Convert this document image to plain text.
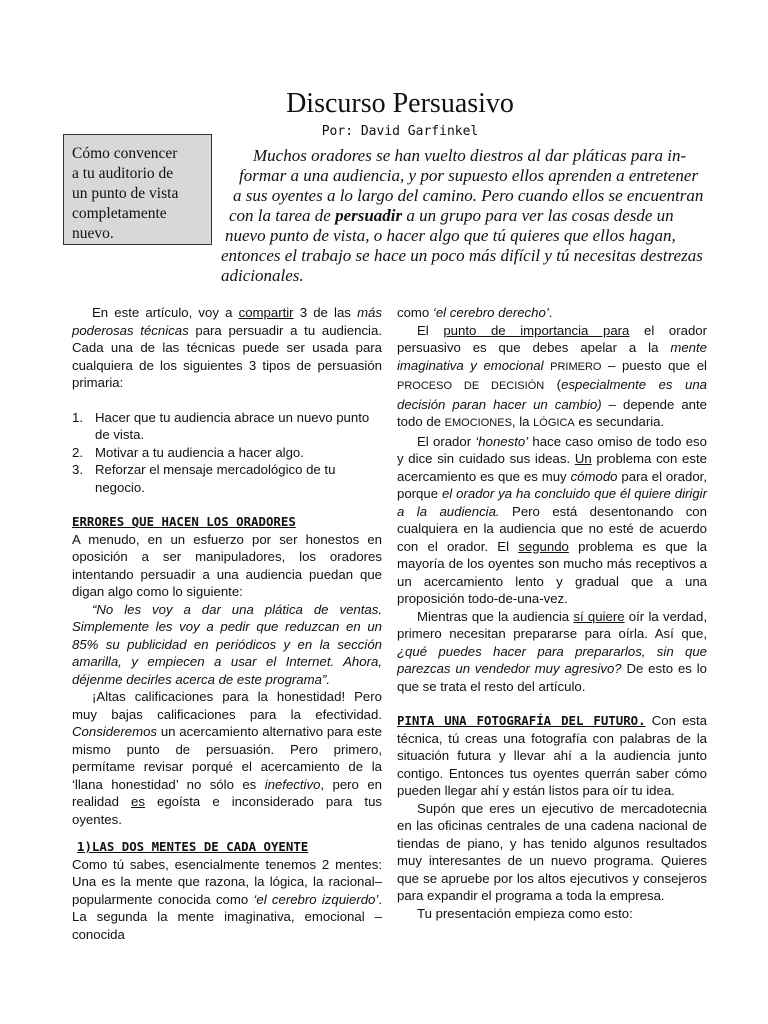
Discurso Persuasivo
Por: David Garfinkel
Cómo convencer
a tu auditorio de
un punto de vista
completamente
nuevo.
Muchos oradores se han vuelto diestros al dar pláticas para in-
formar a una audiencia, y por supuesto ellos aprenden a entretener
a sus oyentes a lo largo del camino. Pero cuando ellos se encuentran
con la tarea de persuadir a un grupo para ver las cosas desde un
nuevo punto de vista, o hacer algo que tú quieres que ellos hagan,
entonces el trabajo se hace un poco más difícil y tú necesitas destrezas
adicionales.

En este artículo, voy a compartir 3 de las más poderosas técnicas para persuadir a tu audiencia. Cada una de las técnicas puede ser usada para cualquiera de los siguientes 3 tipos de persuasión primaria:

1. Hacer que tu audiencia abrace un nuevo punto de vista.
2. Motivar a tu audiencia a hacer algo.
3. Reforzar el mensaje mercadológico de tu negocio.

ERRORES QUE HACEN LOS ORADORES

A menudo, en un esfuerzo por ser honestos en oposición a ser manipuladores, los oradores intentando persuadir a una audiencia puedan que digan algo como lo siguiente:

“No les voy a dar una plática de ventas. Simplemente les voy a pedir que reduzcan en un 85% su publicidad en periódicos y en la sección amarilla, y empiecen a usar el Internet. Ahora, déjenme decirles acerca de este programa”.

¡Altas calificaciones para la honestidad! Pero muy bajas calificaciones para la efectividad. Consideremos un acercamiento alternativo para este mismo punto de persuasión. Pero primero, permítame revisar porqué el acercamiento de la ‘llana honestidad’ no sólo es inefectivo, pero en realidad es egoísta e inconsiderado para tus oyentes.

1)LAS DOS MENTES DE CADA OYENTE

Como tú sabes, esencialmente tenemos 2 mentes: Una es la mente que razona, la lógica, la racional– popularmente conocida como ‘el cerebro izquierdo’. La segunda la mente imaginativa, emocional – conocida

como ‘el cerebro derecho’.

El punto de importancia para el orador persuasivo es que debes apelar a la mente imaginativa y emocional PRIMERO – puesto que el PROCESO DE DECISIÓN (especialmente es una decisión paran hacer un cambio) – depende ante todo de EMOCIONES, la LÓGICA es secundaria.

El orador ‘honesto’ hace caso omiso de todo eso y dice sin cuidado sus ideas. Un problema con este acercamiento es que es muy cómodo para el orador, porque el orador ya ha concluido que él quiere dirigir a la audiencia. Pero está desentonando con cualquiera en la audiencia que no esté de acuerdo con el orador. El segundo problema es que la mayoría de los oyentes son mucho más receptivos a un acercamiento lento y gradual que a una proposición todo-de-una-vez.

Mientras que la audiencia sí quiere oír la verdad, primero necesitan prepararse para oírla. Así que, ¿qué puedes hacer para prepararlos, sin que parezcas un vendedor muy agresivo? De esto es lo que se trata el resto del artículo.

PINTA UNA FOTOGRAFÍA DEL FUTURO. Con esta técnica, tú creas una fotografía con palabras de la situación futura y llevar ahí a la audiencia junto contigo. Entonces tus oyentes querrán saber cómo pueden llegar ahí y están listos para oír tu idea.

Supón que eres un ejecutivo de mercadotecnia en las oficinas centrales de una cadena nacional de tiendas de piano, y has tenido algunos resultados muy interesantes de un nuevo programa. Quieres que se apruebe por los altos ejecutivos y consejeros para expandir el programa a toda la empresa.

Tu presentación empieza como esto:
